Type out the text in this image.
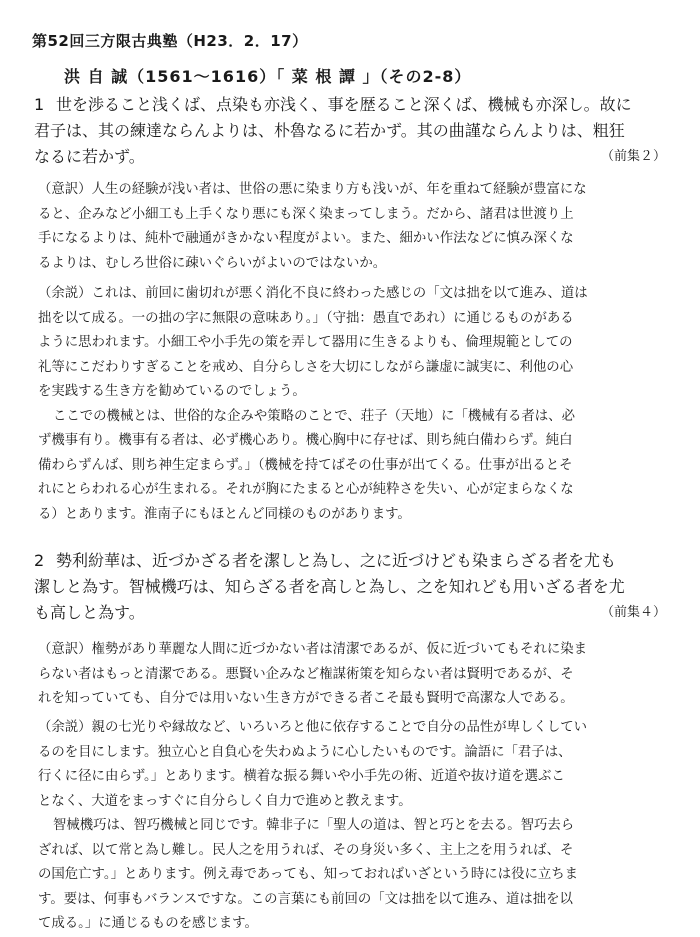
第52回三方限古典塾（H23．2．17）
洪 自 誠（1561～1616）「 菜 根 譚 」（その2-8）
1 世を渉ること浅くば、点染も亦浅く、事を歴ること深くば、機械も亦深し。故に
君子は、其の練達ならんよりは、朴魯なるに若かず。其の曲謹ならんよりは、粗狂
なるに若かず。	（前集２）
（意訳）人生の経験が浅い者は、世俗の悪に染まり方も浅いが、年を重ねて経験が豊富にな
ると、企みなど小細工も上手くなり悪にも深く染まってしまう。だから、諸君は世渡り上
手になるよりは、純朴で融通がきかない程度がよい。また、細かい作法などに慎み深くな
るよりは、むしろ世俗に疎いぐらいがよいのではないか。
（余説）これは、前回に歯切れが悪く消化不良に終わった感じの「文は拙を以て進み、道は
拙を以て成る。一の拙の字に無限の意味あり。」（守拙：愚直であれ）に通じるものがある
ように思われます。小細工や小手先の策を弄して器用に生きるよりも、倫理規範としての
礼等にこだわりすぎることを戒め、自分らしさを大切にしながら謙虚に誠実に、利他の心
を実践する生き方を勧めているのでしょう。
ここでの機械とは、世俗的な企みや策略のことで、荘子（天地）に「機械有る者は、必
ず機事有り。機事有る者は、必ず機心あり。機心胸中に存せば、則ち純白備わらず。純白
備わらずんば、則ち神生定まらず。」（機械を持てばその仕事が出てくる。仕事が出るとそ
れにとらわれる心が生まれる。それが胸にたまると心が純粋さを失い、心が定まらなくな
る）とあります。淮南子にもほとんど同様のものがあります。
2 勢利紛華は、近づかざる者を潔しと為し、之に近づけども染まらざる者を尤も
潔しと為す。智械機巧は、知らざる者を高しと為し、之を知れども用いざる者を尤
も高しと為す。	（前集４）
（意訳）権勢があり華麗な人間に近づかない者は清潔であるが、仮に近づいてもそれに染ま
らない者はもっと清潔である。悪賢い企みなど権謀術策を知らない者は賢明であるが、そ
れを知っていても、自分では用いない生き方ができる者こそ最も賢明で高潔な人である。
（余説）親の七光りや縁故など、いろいろと他に依存することで自分の品性が卑しくしてい
るのを目にします。独立心と自負心を失わぬように心したいものです。論語に「君子は、
行くに径に由らず。」とあります。横着な振る舞いや小手先の術、近道や抜け道を選ぶこ
となく、大道をまっすぐに自分らしく自力で進めと教えます。
智械機巧は、智巧機械と同じです。韓非子に「聖人の道は、智と巧とを去る。智巧去ら
ざれば、以て常と為し難し。民人之を用うれば、その身災い多く、主上之を用うれば、そ
の国危亡す。」とあります。例え毒であっても、知っておればいざという時には役に立ちま
す。要は、何事もバランスですな。この言葉にも前回の「文は拙を以て進み、道は拙を以
て成る。」に通じるものを感じます。
